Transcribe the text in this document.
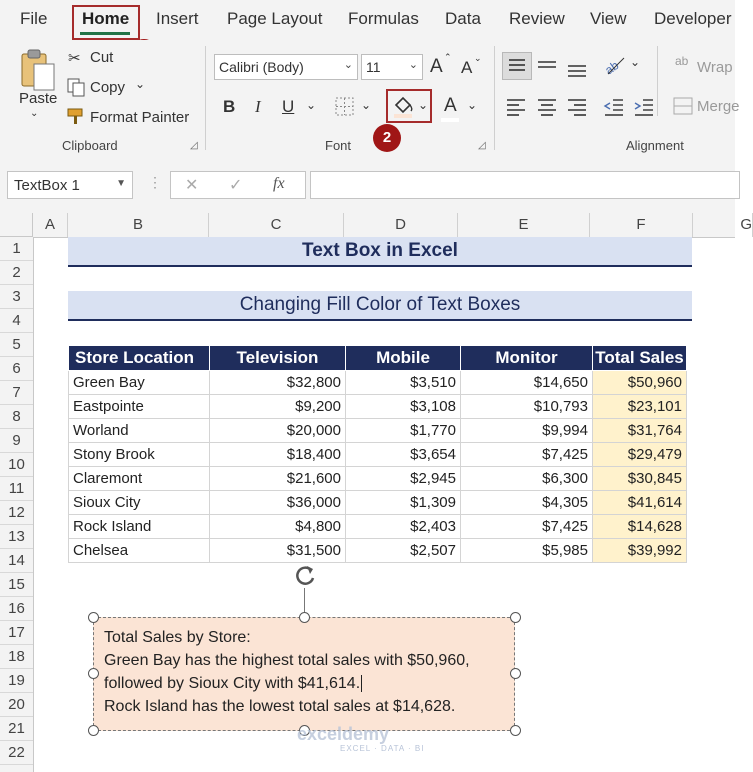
File Home Insert Page Layout Formulas Data Review View Developer
Paste
⌄
✂ Cut
Copy ⌄
Format Painter
Clipboard	◿
Calibri (Body)	⌄ 11	⌄ A ⌃
A ⌄
B I U ⌄	⌄	⌄ A ⌄
Font	◿
2
ab ⌄	ab Wrap
Merge
Alignment
TextBox 1	▼ ⋮ ✕ ✓ fx
A	B	C	D	E	F	G
1
2
3
4
5
6
7
8
9
10
11
12
13
14
15
16
17
18
19
20
21
22
Text Box in Excel
Changing Fill Color of Text Boxes
Store Location	Television	Mobile	Monitor	Total Sales
Green Bay	$32,800	$3,510	$14,650	$50,960
Eastpointe	$9,200	$3,108	$10,793	$23,101
Worland	$20,000	$1,770	$9,994	$31,764
Stony Brook	$18,400	$3,654	$7,425	$29,479
Claremont	$21,600	$2,945	$6,300	$30,845
Sioux City	$36,000	$1,309	$4,305	$41,614
Rock Island	$4,800	$2,403	$7,425	$14,628
Chelsea	$31,500	$2,507	$5,985	$39,992
Total Sales by Store:
Green Bay has the highest total sales with $50,960,
followed by Sioux City with $41,614.
Rock Island has the lowest total sales at $14,628.
exceldemy
EXCEL · DATA · BI
